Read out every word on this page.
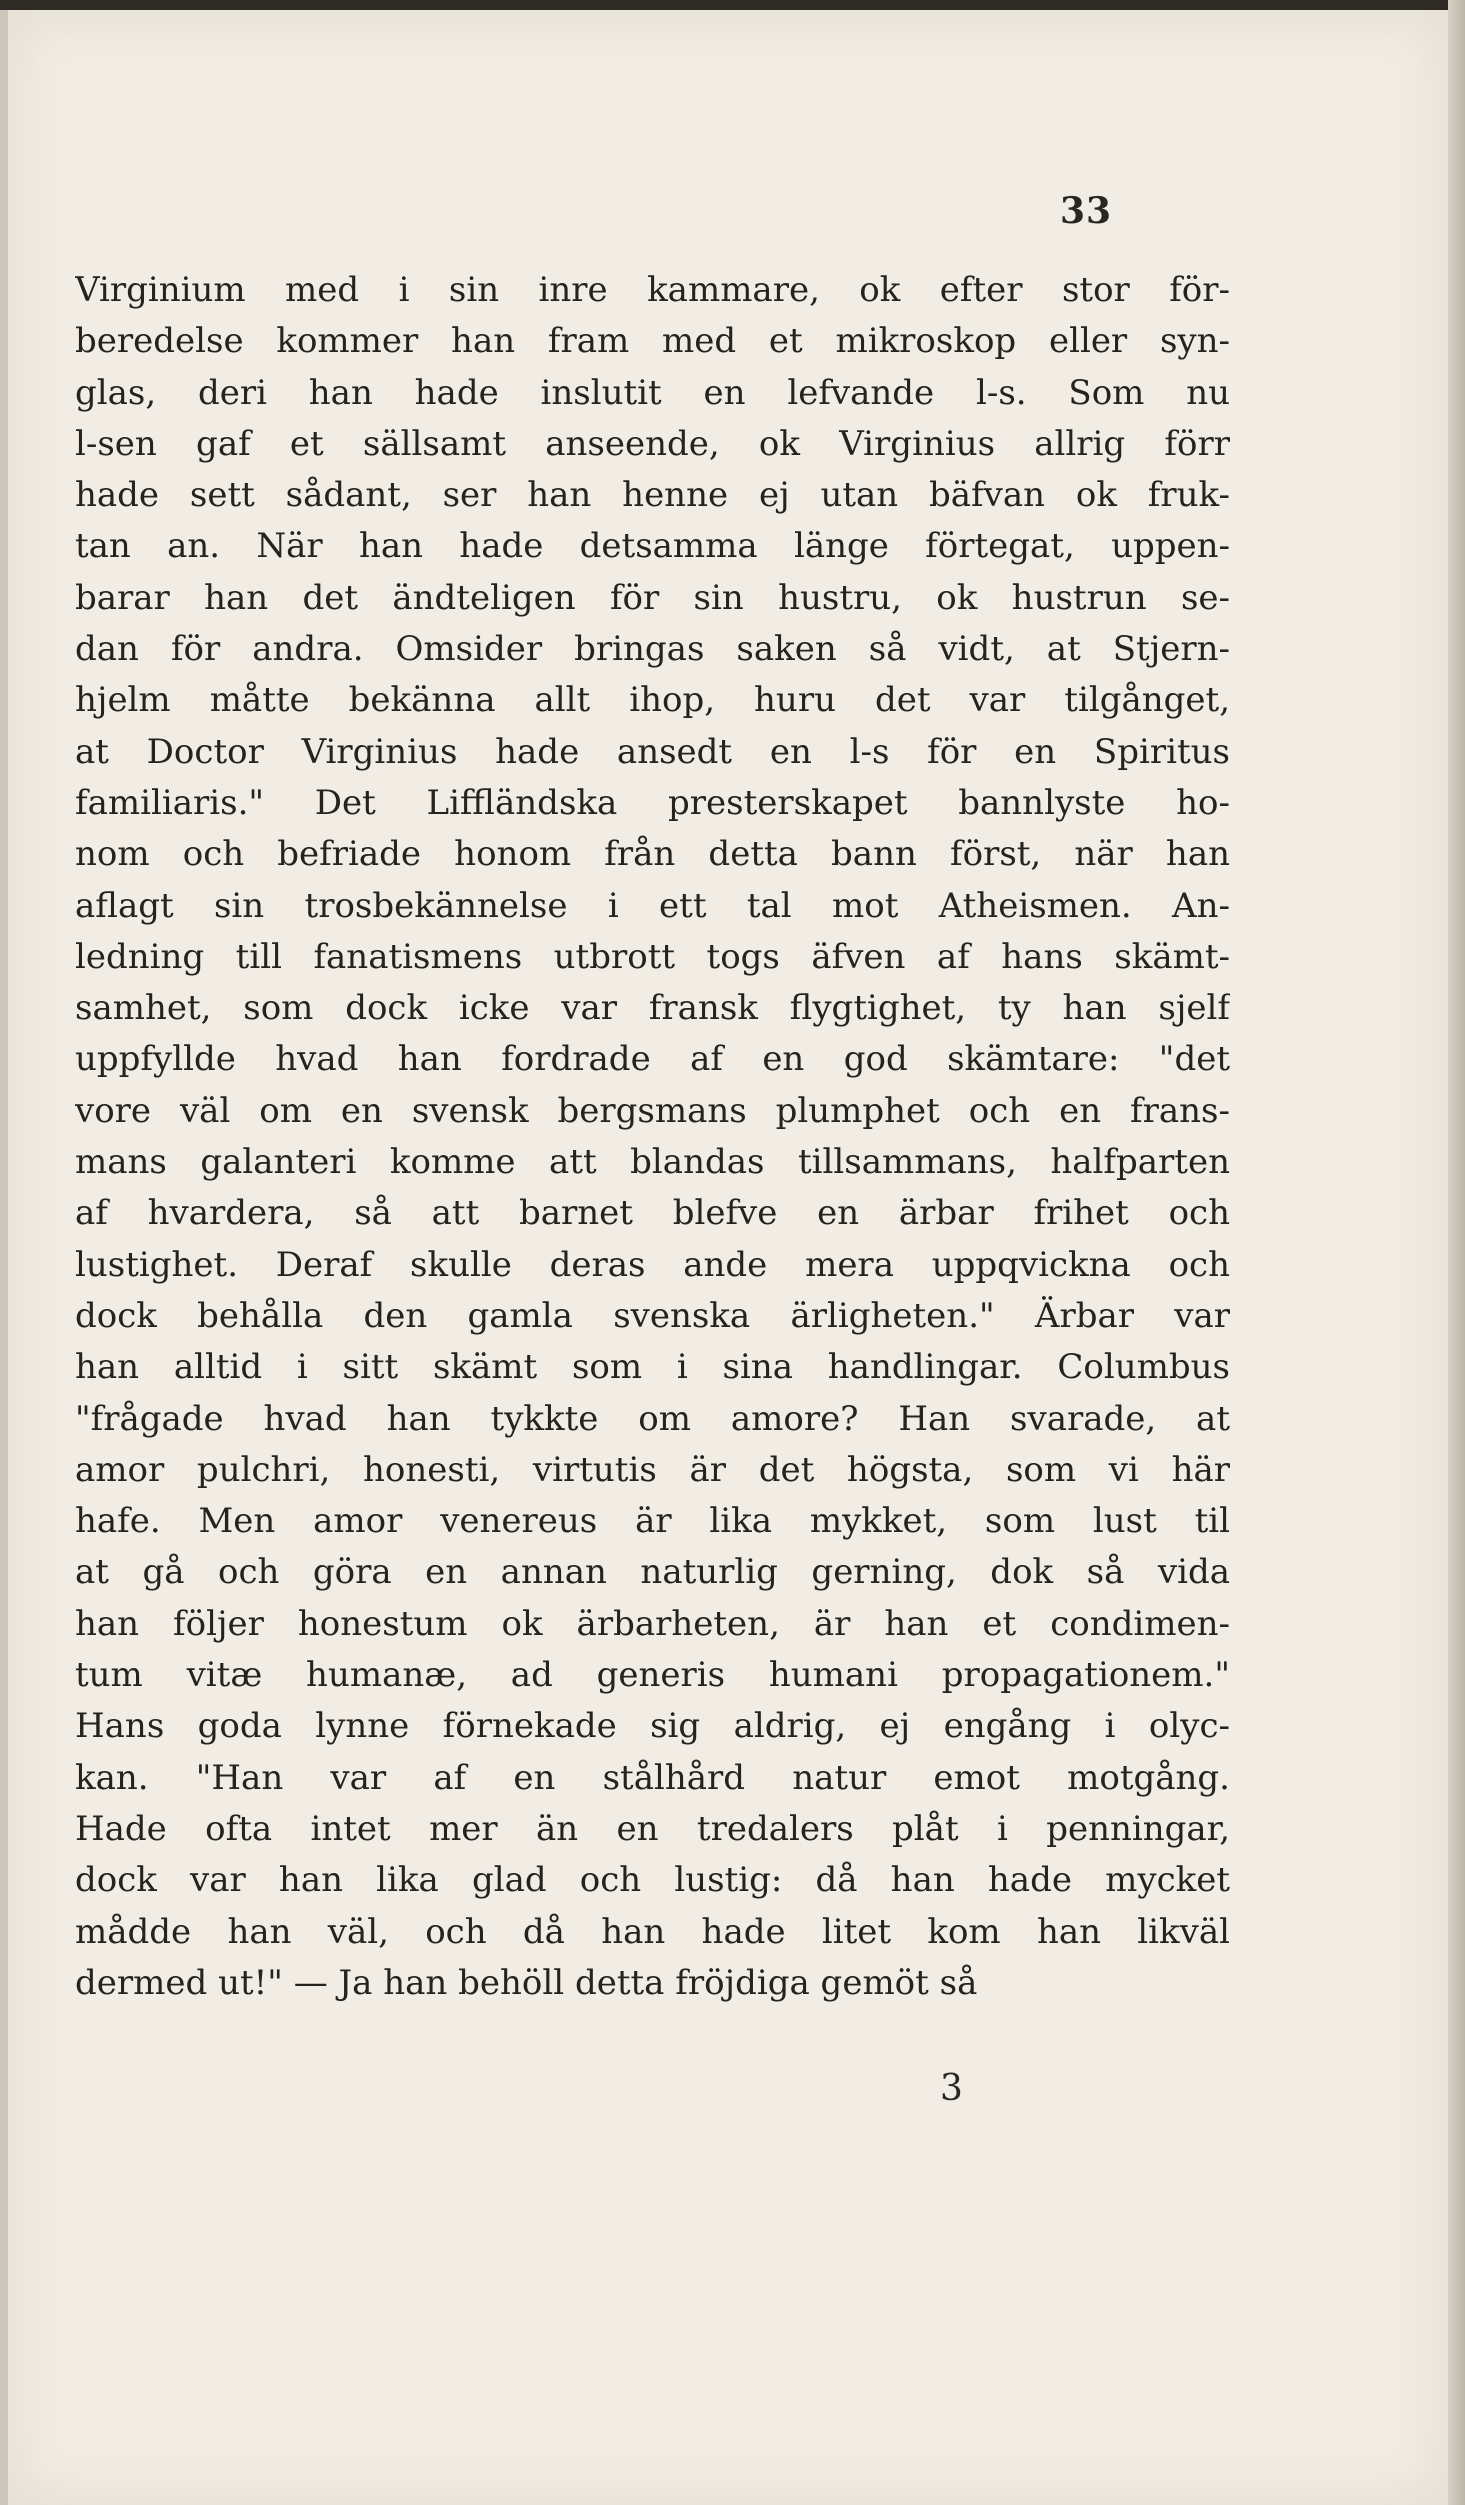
33
Virginium med i sin inre kammare, ok efter stor för-
beredelse kommer han fram med et mikroskop eller syn-
glas, deri han hade inslutit en lefvande l-s. Som nu
l-sen gaf et sällsamt anseende, ok Virginius allrig förr
hade sett sådant, ser han henne ej utan bäfvan ok fruk-
tan an. När han hade detsamma länge förtegat, uppen-
barar han det ändteligen för sin hustru, ok hustrun se-
dan för andra. Omsider bringas saken så vidt, at Stjern-
hjelm måtte bekänna allt ihop, huru det var tilgånget,
at Doctor Virginius hade ansedt en l-s för en Spiritus
familiaris." Det Liffländska presterskapet bannlyste ho-
nom och befriade honom från detta bann först, när han
aflagt sin trosbekännelse i ett tal mot Atheismen. An-
ledning till fanatismens utbrott togs äfven af hans skämt-
samhet, som dock icke var fransk flygtighet, ty han sjelf
uppfyllde hvad han fordrade af en god skämtare: "det
vore väl om en svensk bergsmans plumphet och en frans-
mans galanteri komme att blandas tillsammans, halfparten
af hvardera, så att barnet blefve en ärbar frihet och
lustighet. Deraf skulle deras ande mera uppqvickna och
dock behålla den gamla svenska ärligheten." Ärbar var
han alltid i sitt skämt som i sina handlingar. Columbus
"frågade hvad han tykkte om amore? Han svarade, at
amor pulchri, honesti, virtutis är det högsta, som vi här
hafe. Men amor venereus är lika mykket, som lust til
at gå och göra en annan naturlig gerning, dok så vida
han följer honestum ok ärbarheten, är han et condimen-
tum vitæ humanæ, ad generis humani propagationem."
Hans goda lynne förnekade sig aldrig, ej engång i olyc-
kan. "Han var af en stålhård natur emot motgång.
Hade ofta intet mer än en tredalers plåt i penningar,
dock var han lika glad och lustig: då han hade mycket
mådde han väl, och då han hade litet kom han likväl
dermed ut!" — Ja han behöll detta fröjdiga gemöt så
3
